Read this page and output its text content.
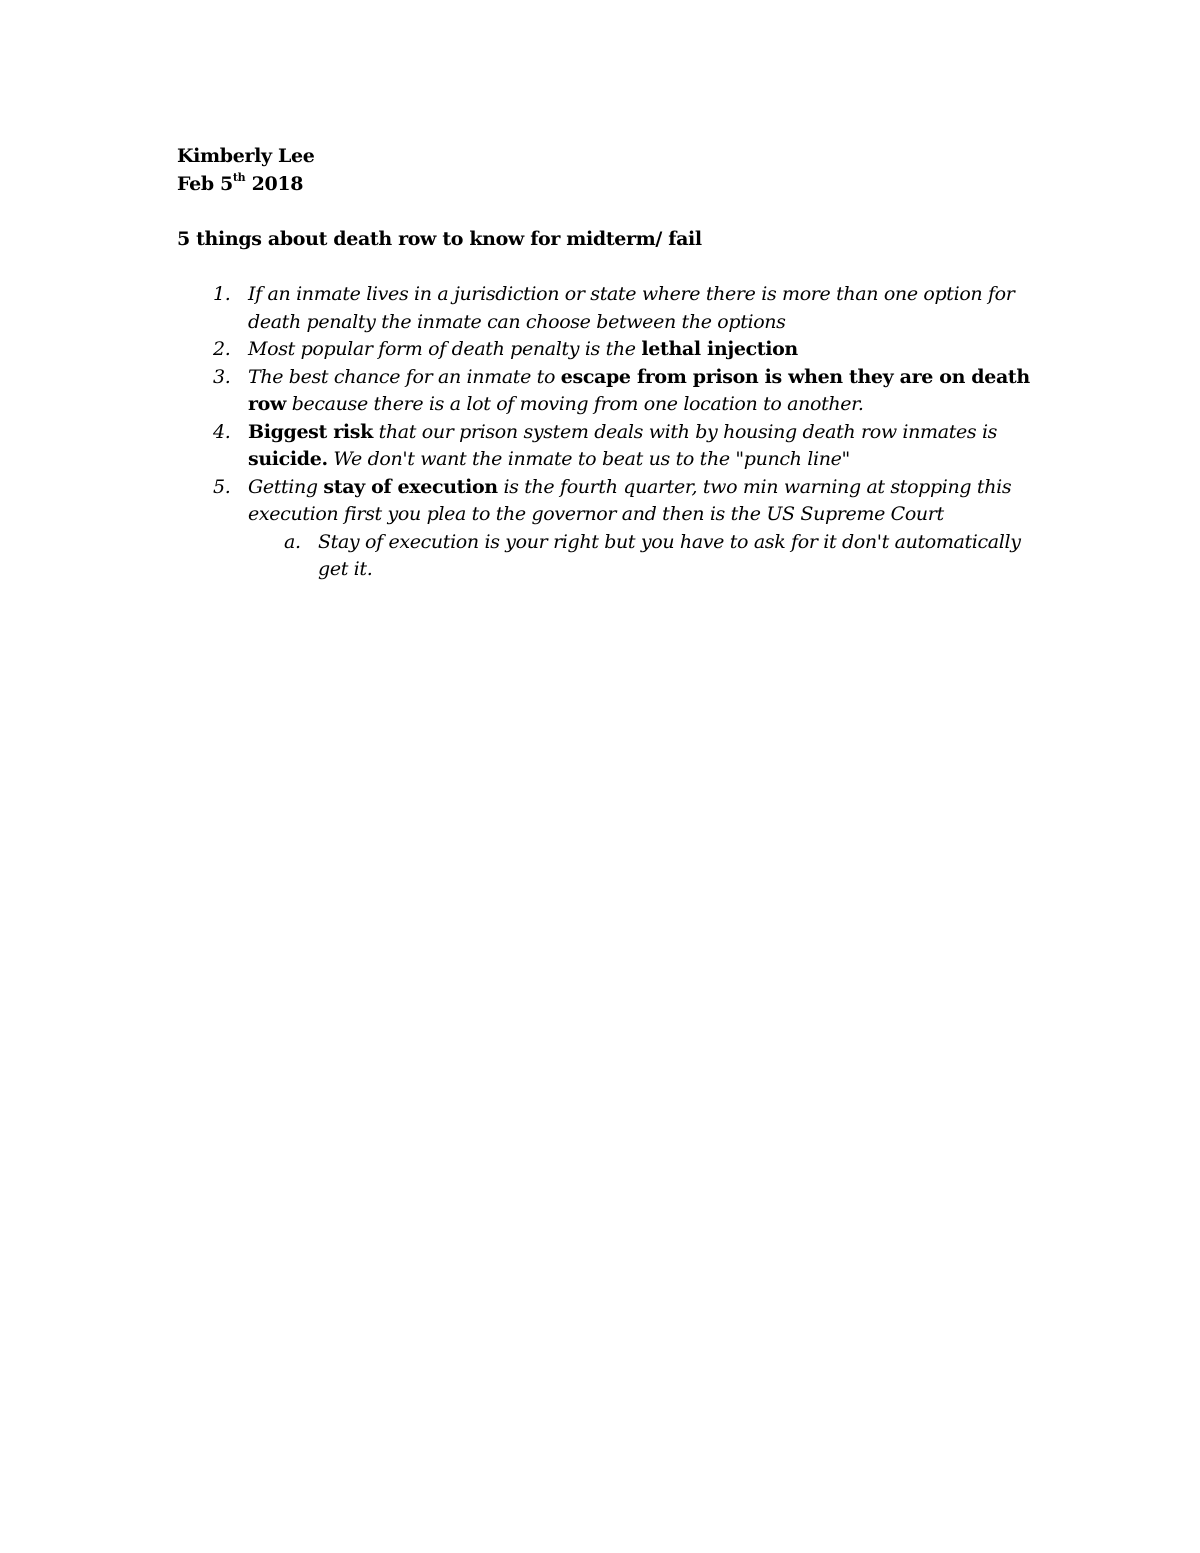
Kimberly Lee

Feb 5th 2018

5 things about death row to know for midterm/ fail

1. If an inmate lives in a jurisdiction or state where there is more than one option for death penalty the inmate can choose between the options
2. Most popular form of death penalty is the lethal injection
3. The best chance for an inmate to escape from prison is when they are on death row because there is a lot of moving from one location to another.
4. Biggest risk that our prison system deals with by housing death row inmates is suicide. We don't want the inmate to beat us to the "punch line"
5. Getting stay of execution is the fourth quarter, two min warning at stopping this execution first you plea to the governor and then is the US Supreme Court
a. Stay of execution is your right but you have to ask for it don't automatically get it.
